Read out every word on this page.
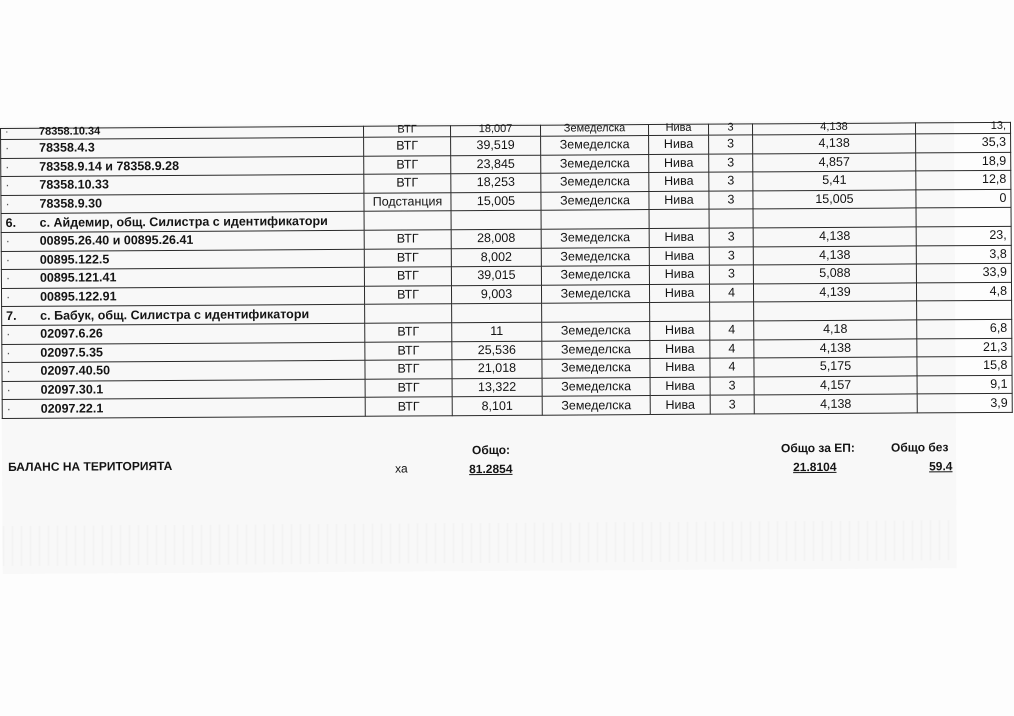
· 78358.10.34	ВТГ	18,007	Земеделска	Нива	3	4,138	13,
· 78358.4.3	ВТГ	39,519	Земеделска	Нива	3	4,138	35,3
· 78358.9.14 и 78358.9.28	ВТГ	23,845	Земеделска	Нива	3	4,857	18,9
· 78358.10.33	ВТГ	18,253	Земеделска	Нива	3	5,41	12,8
· 78358.9.30	Подстанция	15,005	Земеделска	Нива	3	15,005	0
6. с. Айдемир, общ. Силистра с идентификатори							
· 00895.26.40 и 00895.26.41	ВТГ	28,008	Земеделска	Нива	3	4,138	23,
· 00895.122.5	ВТГ	8,002	Земеделска	Нива	3	4,138	3,8
· 00895.121.41	ВТГ	39,015	Земеделска	Нива	3	5,088	33,9
· 00895.122.91	ВТГ	9,003	Земеделска	Нива	4	4,139	4,8
7. с. Бабук, общ. Силистра с идентификатори							
· 02097.6.26	ВТГ	11	Земеделска	Нива	4	4,18	6,8
· 02097.5.35	ВТГ	25,536	Земеделска	Нива	4	4,138	21,3
· 02097.40.50	ВТГ	21,018	Земеделска	Нива	4	5,175	15,8
· 02097.30.1	ВТГ	13,322	Земеделска	Нива	3	4,157	9,1
· 02097.22.1	ВТГ	8,101	Земеделска	Нива	3	4,138	3,9
БАЛАНС НА ТЕРИТОРИЯТА	ха
Общо:
81.2854
Общо за ЕП:
21.8104
Общо без
59.4
